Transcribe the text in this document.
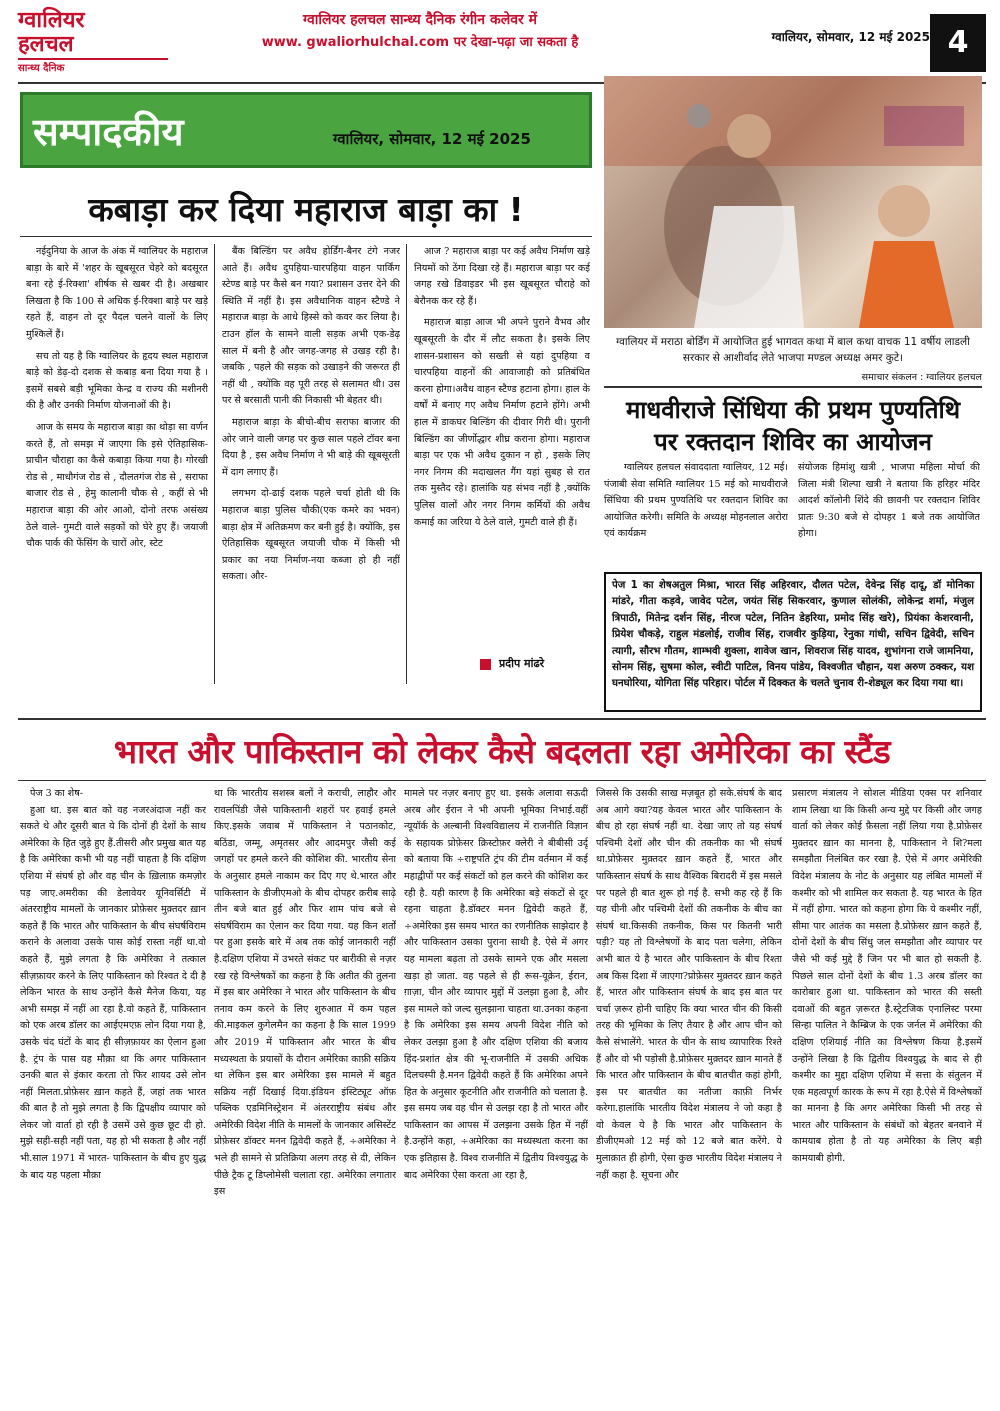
ग्वालियर
हलचल
सान्ध्य दैनिक
ग्वालियर हलचल सान्ध्य दैनिक रंगीन कलेवर में
www. gwaliorhulchal.com पर देखा-पढ़ा जा सकता है	ग्वालियर, सोमवार, 12 मई 2025 4
सम्पादकीय	ग्वालियर, सोमवार, 12 मई 2025
कबाड़ा कर दिया महाराज बाड़ा का !

नईदुनिया के आज के अंक में ग्वालियर के महाराज बाड़ा के बारे में 'शहर के खूबसूरत चेहरे को बदसूरत बना रहे ई-रिक्शा' शीर्षक से खबर दी है। अखबार लिखता है कि 100 से अधिक ई-रिक्शा बाड़े पर खड़े रहते हैं, वाहन तो दूर पैदल चलने वालों के लिए मुश्किलें हैं।

सच तो यह है कि ग्वालियर के हृदय स्थल महाराज बाड़े को डेढ़-दो दशक से कबाड़ बना दिया गया है । इसमें सबसे बड़ी भूमिका केन्द्र व राज्य की मशीनरी की है और उनकी निर्माण योजनाओं की है।

आज के समय के महाराज बाड़ा का थोड़ा सा वर्णन करते हैं, तो समझ में जाएगा कि इसे ऐतिहासिक-प्राचीन चौराहा का कैसे कबाड़ा किया गया है। गोरखी रोड से , माधौगंज रोड से , दौलतगंज रोड से , सराफा बाजार रोड से , हेमु कालानी चौक से , कहीं से भी महाराज बाड़ा की ओर आओ, दोनो तरफ असंख्य ठेले वाले- गुमटी वाले सड़कों को घेरे हुए हैं। जयाजी चौक पार्क की फेंसिंग के चारों ओर, स्टेट

बैंक बिल्डिंग पर अवैध होर्डिंग-बैनर टंगे नजर आते हैं। अवैध दुपहिया-चारपहिया वाहन पार्किंग स्टेण्ड बाड़े पर कैसे बन गया? प्रशासन उत्तर देने की स्थिति में नहीं है। इस अवैधानिक वाहन स्टैण्डे ने महाराज बाड़ा के आधे हिस्से को कवर कर लिया है। टाउन हॉल के सामने वाली सड़क अभी एक-डेढ़ साल में बनी है और जगह-जगह से उखड़ रही है। जबकि , पहले की सड़क को उखाड़ने की जरूरत ही नहीं थी , क्योंकि वह पूरी तरह से सलामत थी। उस पर से बरसाती पानी की निकासी भी बेहतर थी।

महाराज बाड़ा के बीचो-बीच सराफा बाजार की ओर जाने वाली जगह पर कुछ साल पहले टॉवर बना दिया है , इस अवैध निर्माण ने भी बाड़े की खूबसूरती में दाग लगाए हैं।

लगभग दो-ढाई दशक पहले चर्चा होती थी कि महाराज बाड़ा पुलिस चौकी(एक कमरे का भवन) बाड़ा क्षेत्र में अतिक्रमण कर बनी हुई है। क्योंकि, इस ऐतिहासिक खूबसूरत जयाजी चौक में किसी भी प्रकार का नया निर्माण-नया कब्जा हो ही नहीं सकता। और-

आज ? महाराज बाड़ा पर कई अवैध निर्माण खड़े नियमों को ठेंगा दिखा रहे हैं। महाराज बाड़ा पर कई जगह रखे डिवाइडर भी इस खूबसूरत चौराहे को बेरौनक कर रहे हैं।

महाराज बाड़ा आज भी अपने पुराने वैभव और खूबसूरती के दौर में लौट सकता है। इसके लिए शासन-प्रशासन को सख्ती से यहां दुपहिया व चारपहिया वाहनों की आवाजाही को प्रतिबंधित करना होगा।अवैध वाहन स्टैण्ड हटाना होगा। हाल के वर्षों में बनाए गए अवैध निर्माण हटाने होंगे। अभी हाल में डाकघर बिल्डिंग की दीवार गिरी थी। पुरानी बिल्डिंग का जीर्णोद्धार शीघ्र कराना होगा। महाराज बाड़ा पर एक भी अवैध दुकान न हो , इसके लिए नगर निगम की मदाखलत गैंग यहां सुबह से रात तक मुस्तैद रहे। हालांकि यह संभव नहीं है ,क्योंकि पुलिस वालों और नगर निगम कर्मियों की अवैध कमाई का जरिया ये ठेले वाले, गुमटी वाले ही हैं।

प्रदीप मांढरे
ग्वालियर में मराठा बोर्डिंग में आयोजित हुई भागवत कथा में बाल कथा वाचक 11 वर्षीय लाडली सरकार से आशीर्वाद लेते भाजपा मण्डल अध्यक्ष अमर कुटे।
समाचार संकलन : ग्वालियर हलचल
माधवीराजे सिंधिया की प्रथम पुण्यतिथि
पर रक्तदान शिविर का आयोजन

ग्वालियर हलचल संवाददाता ग्वालियर, 12 मई। पंजाबी सेवा समिति ग्वालियर 15 मई को माधवीराजे सिंधिया की प्रथम पुण्यतिथि पर रक्तदान शिविर का आयोजित करेगी। समिति के अध्यक्ष मोहनलाल अरोरा एवं कार्यक्रम

संयोजक हिमांशु खत्री , भाजपा महिला मोर्चा की जिला मंत्री शिल्पा खत्री ने बताया कि हरिहर मंदिर आदर्श कॉलोनी शिंदे की छावनी पर रक्तदान शिविर प्रातः 9:30 बजे से दोपहर 1 बजे तक आयोजित होगा।

पेज 1 का शेषअतुल मिश्रा, भारत सिंह अहिरवार, दौलत पटेल, देवेन्द्र सिंह दादू, डॉ मोनिका मांडरे, गीता कड़वे, जावेद पटेल, जयंत सिंह सिकरवार, कुणाल सोलंकी, लोकेन्द्र शर्मा, मंजुल त्रिपाठी, मितेन्द्र दर्शन सिंह, नीरज पटेल, नितिन डेहरिया, प्रमोद सिंह खरे), प्रियंका केशरवानी, प्रियेश चौकड़े, राहुल मंडलोई, राजीव सिंह, राजवीर कुड़िया, रेनुका गांधी, सचिन द्विवेदी, सचिन त्यागी, सौरभ गौतम, शाम्भवी शुक्ला, शावेज खान, शिवराज सिंह यादव, शुभांगना राजे जामनिया, सोनम सिंह, सुषमा कोल, स्वीटी पाटिल, विनय पांडेय, विश्वजीत चौहान, यश अरुण ठक्कर, यश घनघोरिया, योगिता सिंह परिहार। पोर्टल में दिक्कत के चलते चुनाव री-शेड्यूल कर दिया गया था।
भारत और पाकिस्तान को लेकर कैसे बदलता रहा अमेरिका का स्टैंड

पेज 3 का शेष-

हुआ था. इस बात को वह नजरअंदाज नहीं कर सकते थे और दूसरी बात ये कि दोनों ही देशों के साथ अमेरिका के हित जुड़े हुए हैं.तीसरी और प्रमुख बात यह है कि अमेरिका कभी भी यह नहीं चाहता है कि दक्षिण एशिया में संघर्ष हो और वह चीन के ख़िलाफ़ कमज़ोर पड़ जाए.अमरीका की डेलावेयर यूनिवर्सिटी में अंतरराष्ट्रीय मामलों के जानकार प्रोफ़ेसर मुक़्तदर ख़ान कहते हैं कि भारत और पाकिस्तान के बीच संघर्षविराम कराने के अलावा उसके पास कोई रास्ता नहीं था.वो कहते हैं, मुझे लगता है कि अमेरिका ने तत्काल सीज़फ़ायर करने के लिए पाकिस्तान को रिश्वत दे दी है लेकिन भारत के साथ उन्होंने कैसे मैनेज किया, यह अभी समझ में नहीं आ रहा है.वो कहते हैं, पाकिस्तान को एक अरब डॉलर का आईएमएफ़ लोन दिया गया है, उसके चंद घंटों के बाद ही सीज़फ़ायर का ऐलान हुआ है. ट्रंप के पास यह मौक़ा था कि अगर पाकिस्तान उनकी बात से इंकार करता तो फिर शायद उसे लोन नहीं मिलता.प्रोफ़ेसर ख़ान कहते हैं, जहां तक भारत की बात है तो मुझे लगता है कि द्विपक्षीय व्यापार को लेकर जो वार्ता हो रही है उसमें उसे कुछ छूट दी हो. मुझे सही-सही नहीं पता, यह हो भी सकता है और नहीं भी.साल 1971 में भारत- पाकिस्तान के बीच हुए युद्ध के बाद यह पहला मौक़ा

था कि भारतीय सशस्त्र बलों ने कराची, लाहौर और रावलपिंडी जैसे पाकिस्तानी शहरों पर हवाई हमले किए.इसके जवाब में पाकिस्तान ने पठानकोट, बठिंडा, जम्मू, अमृतसर और आदमपुर जैसी कई जगहों पर हमले करने की कोशिश की. भारतीय सेना के अनुसार हमले नाकाम कर दिए गए थे.भारत और पाकिस्तान के डीजीएमओ के बीच दोपहर क़रीब साढ़े तीन बजे बात हुई और फिर शाम पांच बजे से संघर्षविराम का ऐलान कर दिया गया. यह किन शर्तों पर हुआ इसके बारे में अब तक कोई जानकारी नहीं है.दक्षिण एशिया में उभरते संकट पर बारीकी से नज़र रख रहे विश्लेषकों का कहना है कि अतीत की तुलना में इस बार अमेरिका ने भारत और पाकिस्तान के बीच तनाव कम करने के लिए शुरुआत में कम पहल की.माइकल कुगेलमैन का कहना है कि साल 1999 और 2019 में पाकिस्तान और भारत के बीच मध्यस्थता के प्रयासों के दौरान अमेरिका काफ़ी सक्रिय था लेकिन इस बार अमेरिका इस मामले में बहुत सक्रिय नहीं दिखाई दिया.इंडियन इंस्टिट्यूट ऑफ़ पब्लिक एडमिनिस्ट्रेशन में अंतरराष्ट्रीय संबंध और अमेरिकी विदेश नीति के मामलों के जानकार असिस्टेंट प्रोफ़ेसर डॉक्टर मनन द्विवेदी कहते हैं, ÷अमेरिका ने भले ही सामने से प्रतिक्रिया अलग तरह से दी, लेकिन पीछे ट्रैक टू डिप्लोमेसी चलाता रहा. अमेरिका लगातार इस

मामले पर नज़र बनाए हुए था. इसके अलावा सऊदी अरब और ईरान ने भी अपनी भूमिका निभाई.वहीं न्यूयॉर्क के अल्बानी विश्वविद्यालय में राजनीति विज्ञान के सहायक प्रोफ़ेसर क्रिस्टोफ़र क्लेरी ने बीबीसी उर्दू को बताया कि ÷राष्ट्रपति ट्रंप की टीम वर्तमान में कई महाद्वीपों पर कई संकटों को हल करने की कोशिश कर रही है. यही कारण है कि अमेरिका बड़े संकटों से दूर रहना चाहता है.डॉक्टर मनन द्विवेदी कहते हैं, ÷अमेरिका इस समय भारत का रणनीतिक साझेदार है और पाकिस्तान उसका पुराना साथी है. ऐसे में अगर यह मामला बढ़ता तो उसके सामने एक और मसला खड़ा हो जाता. वह पहले से ही रूस-यूक्रेन, ईरान, ग़ाज़ा, चीन और व्यापार मुद्दों में उलझा हुआ है, और इस मामले को जल्द सुलझाना चाहता था.उनका कहना है कि अमेरिका इस समय अपनी विदेश नीति को लेकर उलझा हुआ है और दक्षिण एशिया की बजाय हिंद-प्रशांत क्षेत्र की भू-राजनीति में उसकी अधिक दिलचस्पी है.मनन द्विवेदी कहते हैं कि अमेरिका अपने हित के अनुसार कूटनीति और राजनीति को चलाता है. इस समय जब वह चीन से उलझ रहा है तो भारत और पाकिस्तान का आपस में उलझना उसके हित में नहीं है.उन्होंने कहा, ÷अमेरिका का मध्यस्थता करना का एक इतिहास है. विश्व राजनीति में द्वितीय विश्वयुद्ध के बाद अमेरिका ऐसा करता आ रहा है,

जिससे कि उसकी साख मज़बूत हो सके.संघर्ष के बाद अब आगे क्या?यह केवल भारत और पाकिस्तान के बीच हो रहा संघर्ष नहीं था. देखा जाए तो यह संघर्ष पश्चिमी देशों और चीन की तकनीक का भी संघर्ष था.प्रोफ़ेसर मुक़्तदर ख़ान कहते हैं, भारत और पाकिस्तान संघर्ष के साथ वैश्विक बिरादरी में इस मसले पर पहले ही बात शुरू हो गई है. सभी कह रहे हैं कि यह चीनी और पश्चिमी देशों की तकनीक के बीच का संघर्ष था.किसकी तकनीक, किस पर कितनी भारी पड़ी? यह तो विश्लेषणों के बाद पता चलेगा, लेकिन अभी बात ये है भारत और पाकिस्तान के बीच रिश्ता अब किस दिशा में जाएगा?प्रोफ़ेसर मुक़्तदर ख़ान कहते हैं, भारत और पाकिस्तान संघर्ष के बाद इस बात पर चर्चा ज़रूर होनी चाहिए कि क्या भारत चीन की किसी तरह की भूमिका के लिए तैयार है और आप चीन को कैसे संभालेंगे. भारत के चीन के साथ व्यापारिक रिश्ते हैं और वो भी पड़ोसी है.प्रोफ़ेसर मुक़्तदर ख़ान मानते हैं कि भारत और पाकिस्तान के बीच बातचीत कहां होगी, इस पर बातचीत का नतीजा काफ़ी निर्भर करेगा.हालांकि भारतीय विदेश मंत्रालय ने जो कहा है वो केवल ये है कि भारत और पाकिस्तान के डीजीएमओ 12 मई को 12 बजे बात करेंगे. ये मुलाक़ात ही होगी, ऐसा कुछ भारतीय विदेश मंत्रालय ने नहीं कहा है. सूचना और

प्रसारण मंत्रालय ने सोशल मीडिया एक्स पर शनिवार शाम लिखा था कि किसी अन्य मुद्दे पर किसी और जगह वार्ता को लेकर कोई फ़ैसला नहीं लिया गया है.प्रोफ़ेसर मुक़्तदर ख़ान का मानना है, पाकिस्तान ने शि?मला समझौता निलंबित कर रखा है. ऐसे में अगर अमेरिकी विदेश मंत्रालय के नोट के अनुसार यह लंबित मामलों में कश्मीर को भी शामिल कर सकता है. यह भारत के हित में नहीं होगा. भारत को कहना होगा कि ये कश्मीर नहीं, सीमा पार आतंक का मसला है.प्रोफ़ेसर ख़ान कहते हैं, दोनों देशों के बीच सिंधु जल समझौता और व्यापार पर जैसे भी कई मुद्दे हैं जिन पर भी बात हो सकती है. पिछले साल दोनों देशों के बीच 1.3 अरब डॉलर का कारोबार हुआ था. पाकिस्तान को भारत की सस्ती दवाओं की बहुत ज़रूरत है.स्ट्रेटजिक एनालिस्ट परमा सिन्हा पालित ने कैम्ब्रिज के एक जर्नल में अमेरिका की दक्षिण एशियाई नीति का विश्लेषण किया है.इसमें उन्होंने लिखा है कि द्वितीय विश्वयुद्ध के बाद से ही कश्मीर का मुद्दा दक्षिण एशिया में सत्ता के संतुलन में एक महत्वपूर्ण कारक के रूप में रहा है.ऐसे में विश्लेषकों का मानना है कि अगर अमेरिका किसी भी तरह से भारत और पाकिस्तान के संबंधों को बेहतर बनवाने में कामयाब होता है तो यह अमेरिका के लिए बड़ी कामयाबी होगी.
